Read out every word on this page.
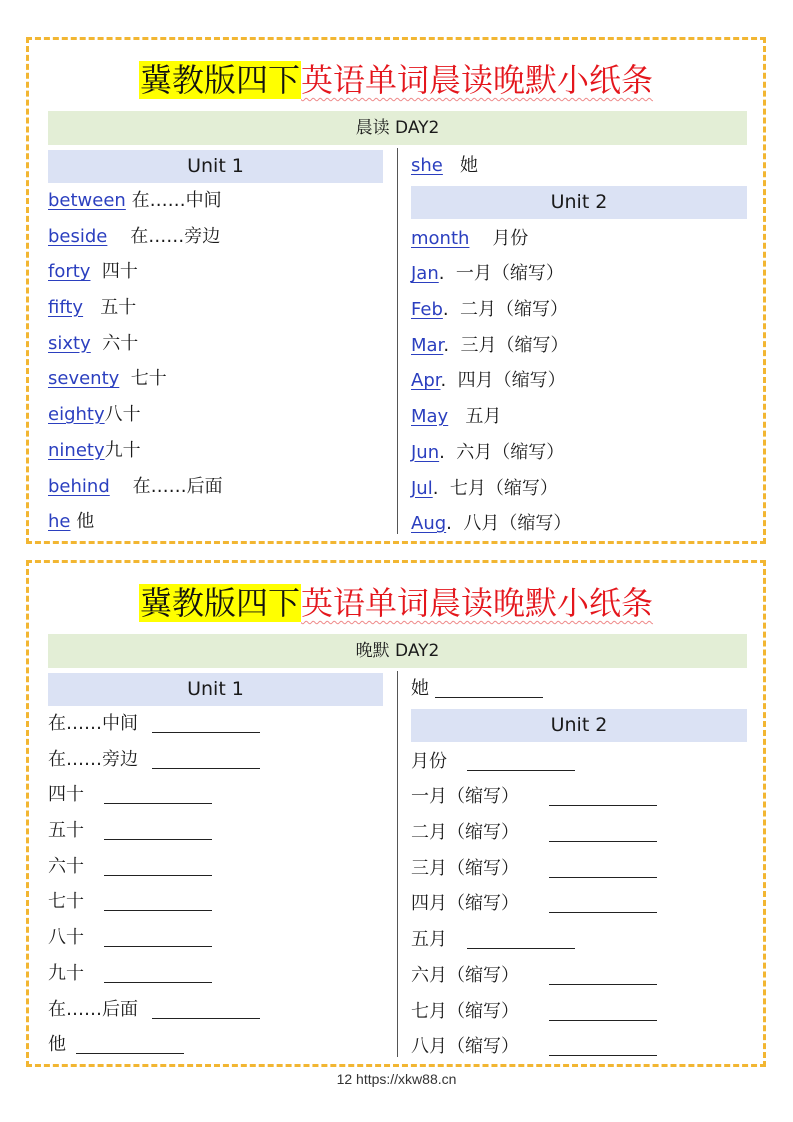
冀教版四下英语单词晨读晚默小纸条
晨读 DAY2
Unit 1
between 在……中间
beside 在……旁边
forty 四十
fifty 五十
sixty 六十
seventy 七十
eighty八十
ninety九十
behind 在……后面
he 他
she 她
Unit 2
month 月份
Jan.  一月（缩写）
Feb.  二月（缩写）
Mar.  三月（缩写）
Apr.  四月（缩写）
May 五月
Jun.  六月（缩写）
Jul.  七月（缩写）
Aug.  八月（缩写）
冀教版四下英语单词晨读晚默小纸条
晚默 DAY2
Unit 1
在……中间
在……旁边
四十
五十
六十
七十
八十
九十
在……后面
他
她
Unit 2
月份
一月（缩写）
二月（缩写）
三月（缩写）
四月（缩写）
五月
六月（缩写）
七月（缩写）
八月（缩写）
12 https://xkw88.cn
